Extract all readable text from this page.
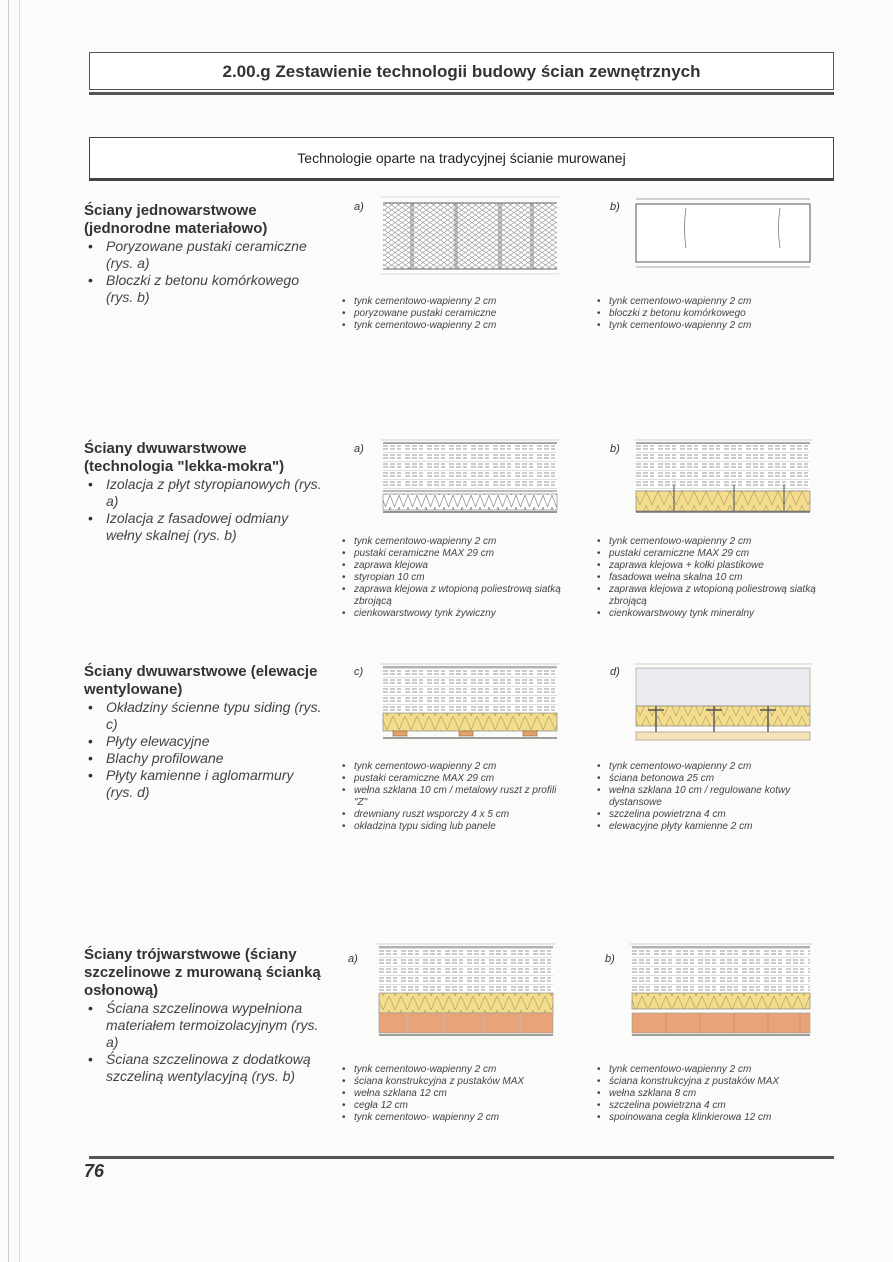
2.00.g Zestawienie technologii budowy ścian zewnętrznych
Technologie oparte na tradycyjnej ścianie murowanej
Ściany jednowarstwowe (jednorodne materiałowo)
• Poryzowane pustaki ceramiczne (rys. a)
• Bloczki z betonu komórkowego (rys. b)
a)
• tynk cementowo-wapienny 2 cm
• poryzowane pustaki ceramiczne
• tynk cementowo-wapienny 2 cm
b)
• tynk cementowo-wapienny 2 cm
• bloczki z betonu komórkowego
• tynk cementowo-wapienny 2 cm
Ściany dwuwarstwowe (technologia "lekka-mokra")
• Izolacja z płyt styropianowych (rys. a)
• Izolacja z fasadowej odmiany wełny skalnej (rys. b)
a)
• tynk cementowo-wapienny 2 cm
• pustaki ceramiczne MAX 29 cm
• zaprawa klejowa
• styropian 10 cm
• zaprawa klejowa z wtopioną poliestrową siatką zbrojącą
• cienkowarstwowy tynk żywiczny
b)
• tynk cementowo-wapienny 2 cm
• pustaki ceramiczne MAX 29 cm
• zaprawa klejowa + kołki plastikowe
• fasadowa wełna skalna 10 cm
• zaprawa klejowa z wtopioną poliestrową siatką zbrojącą
• cienkowarstwowy tynk mineralny
Ściany dwuwarstwowe (elewacje wentylowane)
• Okładziny ścienne typu siding (rys. c)
• Płyty elewacyjne
• Blachy profilowane
• Płyty kamienne i aglomarmury (rys. d)
c)
• tynk cementowo-wapienny 2 cm
• pustaki ceramiczne MAX 29 cm
• wełna szklana 10 cm / metalowy ruszt z profili "Z"
• drewniany ruszt wsporczy 4 x 5 cm
• okładzina typu siding lub panele
d)
• tynk cementowo-wapienny 2 cm
• ściana betonowa 25 cm
• wełna szklana 10 cm / regulowane kotwy dystansowe
• szczelina powietrzna 4 cm
• elewacyjne płyty kamienne 2 cm
Ściany trójwarstwowe (ściany szczelinowe z murowaną ścianką osłonową)
• Ściana szczelinowa wypełniona materiałem termoizolacyjnym (rys. a)
• Ściana szczelinowa z dodatkową szczeliną wentylacyjną (rys. b)
a)
• tynk cementowo-wapienny 2 cm
• ściana konstrukcyjna z pustaków MAX
• wełna szklana 12 cm
• cegła 12 cm
• tynk cementowo- wapienny 2 cm
b)
• tynk cementowo-wapienny 2 cm
• ściana konstrukcyjna z pustaków MAX
• wełna szklana 8 cm
• szczelina powietrzna 4 cm
• spoinowana cegła klinkierowa 12 cm
76
